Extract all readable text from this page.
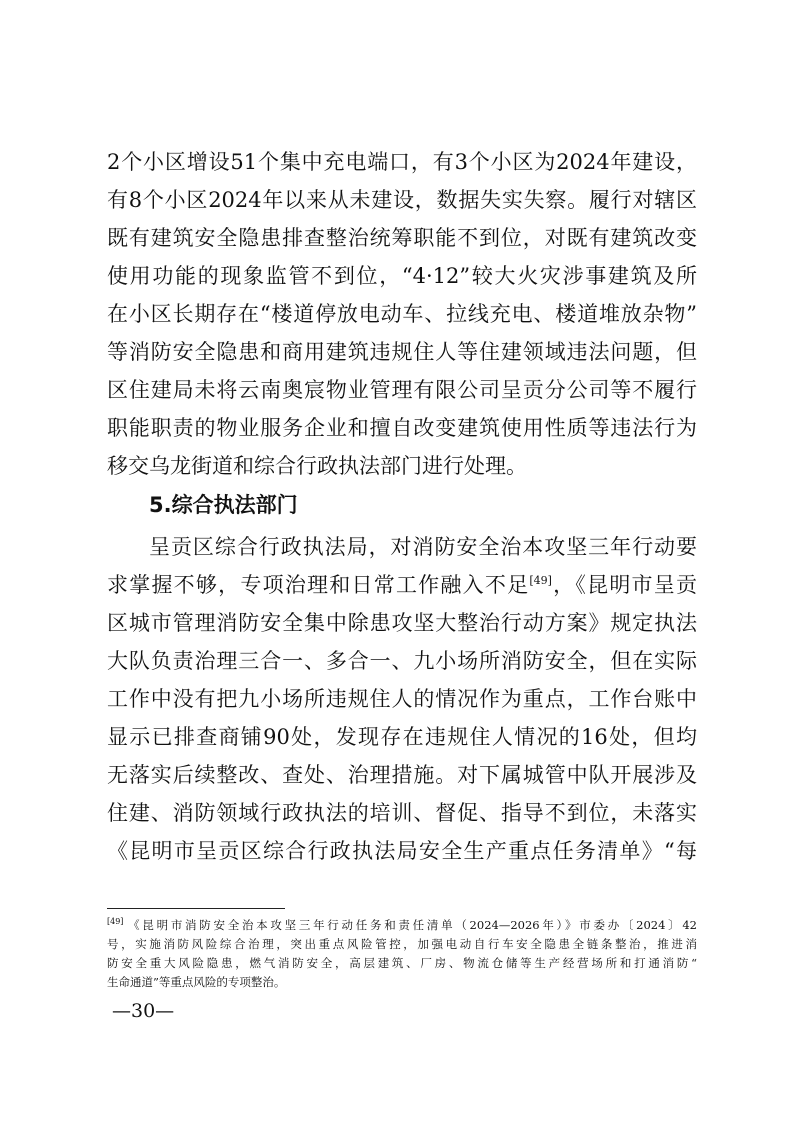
2个小区增设51个集中充电端口，有3个小区为2024年建设，
有8个小区2024年以来从未建设，数据失实失察。履行对辖区
既有建筑安全隐患排查整治统筹职能不到位，对既有建筑改变
使用功能的现象监管不到位，“4·12”较大火灾涉事建筑及所
在小区长期存在“楼道停放电动车、拉线充电、楼道堆放杂物”
等消防安全隐患和商用建筑违规住人等住建领域违法问题，但
区住建局未将云南奥宸物业管理有限公司呈贡分公司等不履行
职能职责的物业服务企业和擅自改变建筑使用性质等违法行为
移交乌龙街道和综合行政执法部门进行处理。
5.综合执法部门
呈贡区综合行政执法局，对消防安全治本攻坚三年行动要
求掌握不够，专项治理和日常工作融入不足[49]，《昆明市呈贡
区城市管理消防安全集中除患攻坚大整治行动方案》规定执法
大队负责治理三合一、多合一、九小场所消防安全，但在实际
工作中没有把九小场所违规住人的情况作为重点，工作台账中
显示已排查商铺90处，发现存在违规住人情况的16处，但均
无落实后续整改、查处、治理措施。对下属城管中队开展涉及
住建、消防领域行政执法的培训、督促、指导不到位，未落实
《昆明市呈贡区综合行政执法局安全生产重点任务清单》“每
[49] 《昆明市消防安全治本攻坚三年行动任务和责任清单（2024—2026年）》市委办〔2024〕42
号，实施消防风险综合治理，突出重点风险管控，加强电动自行车安全隐患全链条整治，推进消
防安全重大风险隐患，燃气消防安全，高层建筑、厂房、物流仓储等生产经营场所和打通消防“
生命通道”等重点风险的专项整治。
—30—
